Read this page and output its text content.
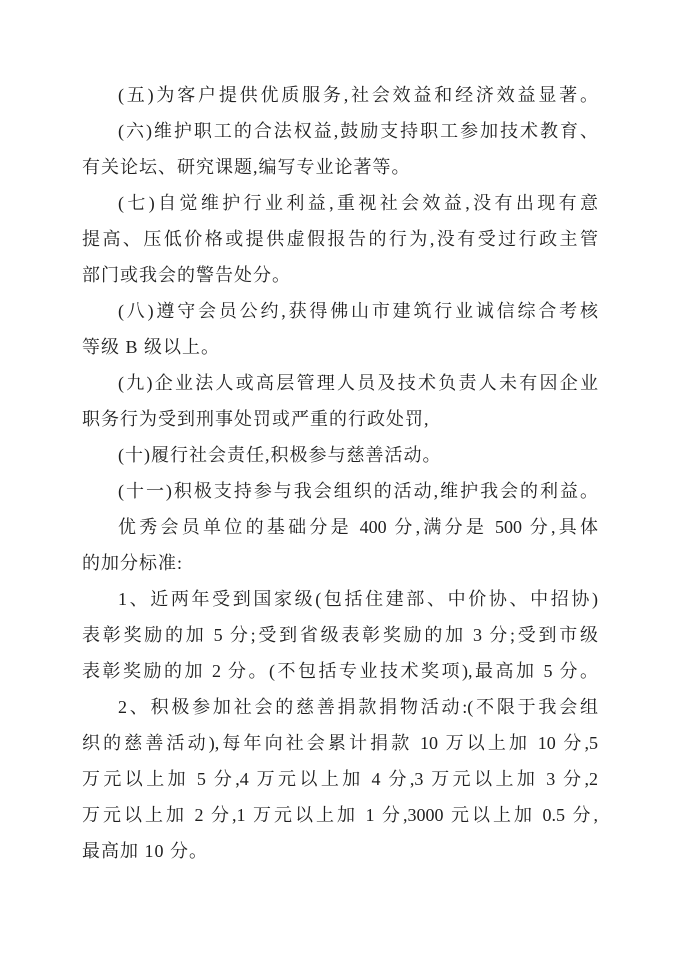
(五)为客户提供优质服务,社会效益和经济效益显著。
(六)维护职工的合法权益,鼓励支持职工参加技术教育、
有关论坛、研究课题,编写专业论著等。
(七)自觉维护行业利益,重视社会效益,没有出现有意
提高、压低价格或提供虚假报告的行为,没有受过行政主管
部门或我会的警告处分。
(八)遵守会员公约,获得佛山市建筑行业诚信综合考核
等级 B 级以上。
(九)企业法人或高层管理人员及技术负责人未有因企业
职务行为受到刑事处罚或严重的行政处罚,
(十)履行社会责任,积极参与慈善活动。
(十一)积极支持参与我会组织的活动,维护我会的利益。
优秀会员单位的基础分是 400 分,满分是 500 分,具体
的加分标准:
1、近两年受到国家级(包括住建部、中价协、中招协)
表彰奖励的加 5 分;受到省级表彰奖励的加 3 分;受到市级
表彰奖励的加 2 分。(不包括专业技术奖项),最高加 5 分。
2、积极参加社会的慈善捐款捐物活动:(不限于我会组
织的慈善活动),每年向社会累计捐款 10 万以上加 10 分,5
万元以上加 5 分,4 万元以上加 4 分,3 万元以上加 3 分,2
万元以上加 2 分,1 万元以上加 1 分,3000 元以上加 0.5 分,
最高加 10 分。
